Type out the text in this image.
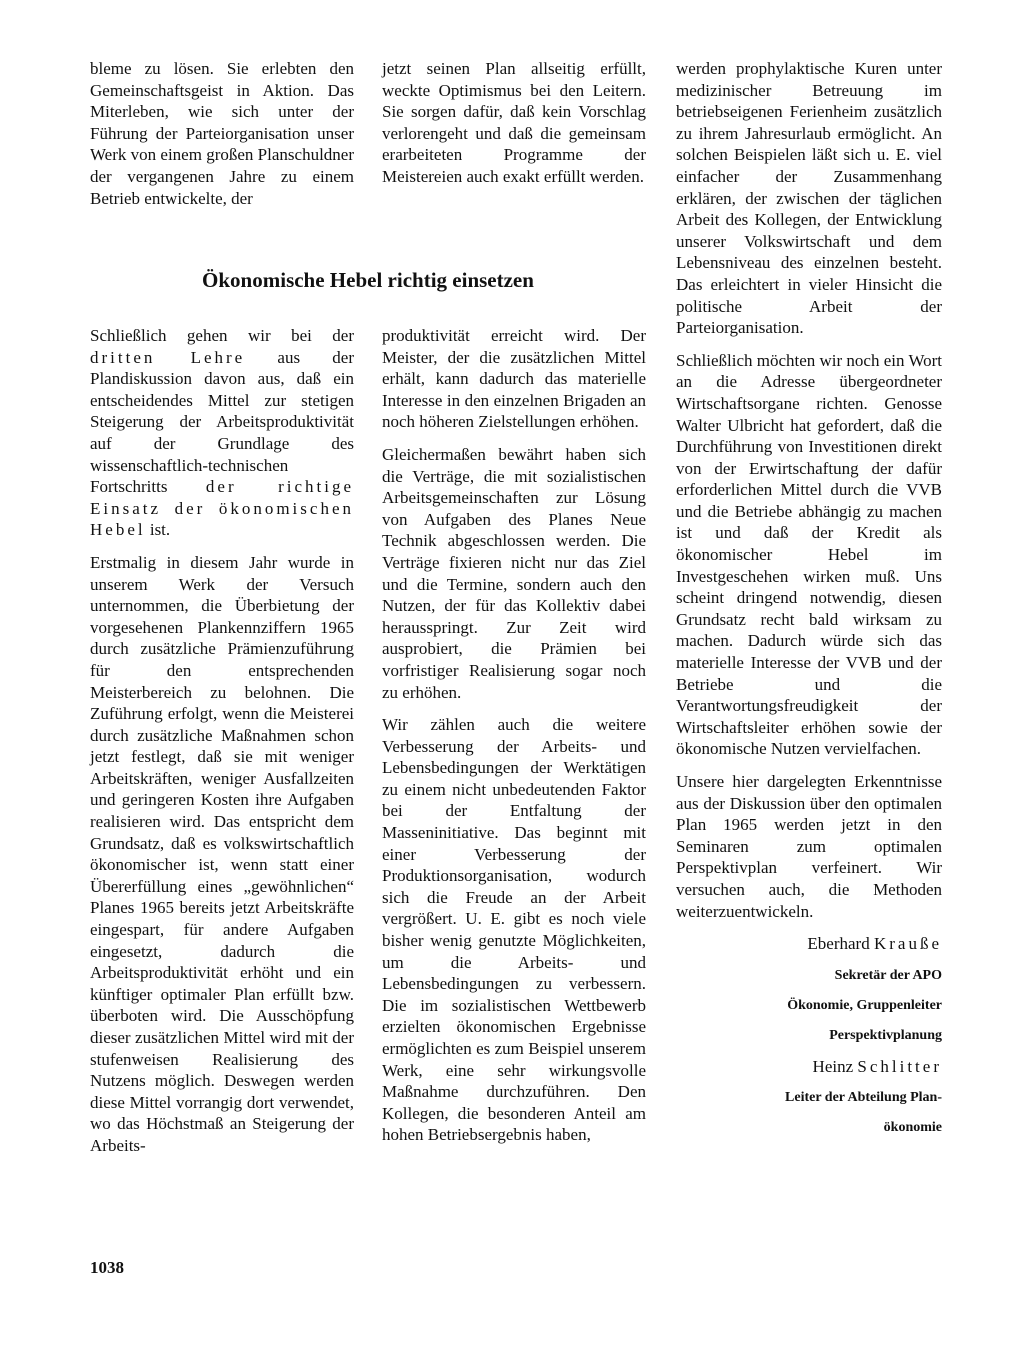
bleme zu lösen. Sie erlebten den Gemeinschaftsgeist in Aktion. Das Miterleben, wie sich unter der Führung der Parteiorganisation unser Werk von einem großen Planschuldner der vergangenen Jahre zu einem Betrieb entwickelte, der

jetzt seinen Plan allseitig erfüllt, weckte Optimismus bei den Leitern. Sie sorgen dafür, daß kein Vorschlag verlorengeht und daß die gemeinsam erarbeiteten Programme der Meistereien auch exakt erfüllt werden.

Ökonomische Hebel richtig einsetzen

Schließlich gehen wir bei der dritten Lehre aus der Plandiskussion davon aus, daß ein entscheidendes Mittel zur stetigen Steigerung der Arbeitsproduktivität auf der Grundlage des wissenschaftlich-technischen Fortschritts der richtige Einsatz der ökonomischen Hebel ist.

Erstmalig in diesem Jahr wurde in unserem Werk der Versuch unternommen, die Überbietung der vorgesehenen Plankennziffern 1965 durch zusätzliche Prämienzuführung für den entsprechenden Meisterbereich zu belohnen. Die Zuführung erfolgt, wenn die Meisterei durch zusätzliche Maßnahmen schon jetzt festlegt, daß sie mit weniger Arbeitskräften, weniger Ausfallzeiten und geringeren Kosten ihre Aufgaben realisieren wird. Das entspricht dem Grundsatz, daß es volkswirtschaftlich ökonomischer ist, wenn statt einer Übererfüllung eines „gewöhnlichen“ Planes 1965 bereits jetzt Arbeitskräfte eingespart, für andere Aufgaben eingesetzt, dadurch die Arbeitsproduktivität erhöht und ein künftiger optimaler Plan erfüllt bzw. überboten wird. Die Ausschöpfung dieser zusätzlichen Mittel wird mit der stufenweisen Realisierung des Nutzens möglich. Deswegen werden diese Mittel vorrangig dort verwendet, wo das Höchstmaß an Steigerung der Arbeits-

produktivität erreicht wird. Der Meister, der die zusätzlichen Mittel erhält, kann dadurch das materielle Interesse in den einzelnen Brigaden an noch höheren Zielstellungen erhöhen.

Gleichermaßen bewährt haben sich die Verträge, die mit sozialistischen Arbeitsgemeinschaften zur Lösung von Aufgaben des Planes Neue Technik abgeschlossen werden. Die Verträge fixieren nicht nur das Ziel und die Termine, sondern auch den Nutzen, der für das Kollektiv dabei herausspringt. Zur Zeit wird ausprobiert, die Prämien bei vorfristiger Realisierung sogar noch zu erhöhen.

Wir zählen auch die weitere Verbesserung der Arbeits- und Lebensbedingungen der Werktätigen zu einem nicht unbedeutenden Faktor bei der Entfaltung der Masseninitiative. Das beginnt mit einer Verbesserung der Produktionsorganisation, wodurch sich die Freude an der Arbeit vergrößert. U. E. gibt es noch viele bisher wenig genutzte Möglichkeiten, um die Arbeits- und Lebensbedingungen zu verbessern. Die im sozialistischen Wettbewerb erzielten ökonomischen Ergebnisse ermöglichten es zum Beispiel unserem Werk, eine sehr wirkungsvolle Maßnahme durchzuführen. Den Kollegen, die besonderen Anteil am hohen Betriebsergebnis haben,

werden prophylaktische Kuren unter medizinischer Betreuung im betriebseigenen Ferienheim zusätzlich zu ihrem Jahresurlaub ermöglicht. An solchen Beispielen läßt sich u. E. viel einfacher der Zusammenhang erklären, der zwischen der täglichen Arbeit des Kollegen, der Entwicklung unserer Volkswirtschaft und dem Lebensniveau des einzelnen besteht. Das erleichtert in vieler Hinsicht die politische Arbeit der Parteiorganisation.

Schließlich möchten wir noch ein Wort an die Adresse übergeordneter Wirtschaftsorgane richten. Genosse Walter Ulbricht hat gefordert, daß die Durchführung von Investitionen direkt von der Erwirtschaftung der dafür erforderlichen Mittel durch die VVB und die Betriebe abhängig zu machen ist und daß der Kredit als ökonomischer Hebel im Investgeschehen wirken muß. Uns scheint dringend notwendig, diesen Grundsatz recht bald wirksam zu machen. Dadurch würde sich das materielle Interesse der VVB und der Betriebe und die Verantwortungsfreudigkeit der Wirtschaftsleiter erhöhen sowie der ökonomische Nutzen vervielfachen.

Unsere hier dargelegten Erkenntnisse aus der Diskussion über den optimalen Plan 1965 werden jetzt in den Seminaren zum optimalen Perspektivplan verfeinert. Wir versuchen auch, die Methoden weiterzuentwickeln.

Eberhard Krauße

Sekretär der APO

Ökonomie, Gruppenleiter

Perspektivplanung

Heinz Schlitter

Leiter der Abteilung Plan-

ökonomie

1038
